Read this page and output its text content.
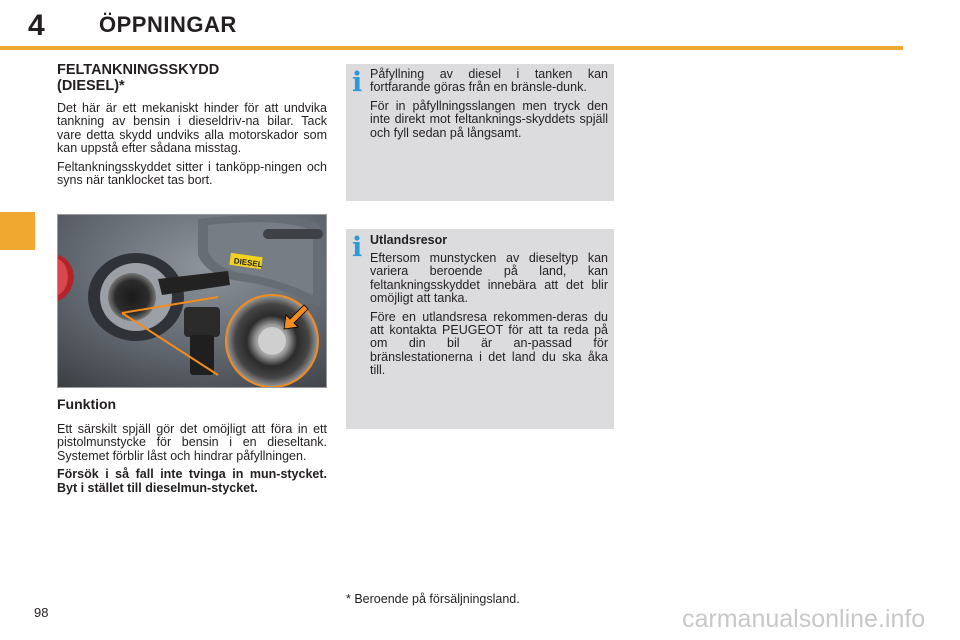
4 ÖPPNINGAR

FELTANKNINGSSKYDD

(DIESEL)*

Det här är ett mekaniskt hinder för att undvika tankning av bensin i dieseldriv-na bilar. Tack vare detta skydd undviks alla motorskador som kan uppstå efter sådana misstag.

Feltankningsskyddet sitter i tanköpp-ningen och syns när tanklocket tas bort.

DIESEL

Funktion

Ett särskilt spjäll gör det omöjligt att föra in ett pistolmunstycke för bensin i en dieseltank. Systemet förblir låst och hindrar påfyllningen.

Försök i så fall inte tvinga in mun-stycket. Byt i stället till dieselmun-stycket.

i Påfyllning av diesel i tanken kan fortfarande göras från en bränsle-dunk.

För in påfyllningsslangen men tryck den inte direkt mot feltanknings-skyddets spjäll och fyll sedan på långsamt.

i Utlandsresor

Eftersom munstycken av dieseltyp kan variera beroende på land, kan feltankningsskyddet innebära att det blir omöjligt att tanka.

Före en utlandsresa rekommen-deras du att kontakta PEUGEOT för att ta reda på om din bil är an-passad för bränslestationerna i det land du ska åka till.

* Beroende på försäljningsland.
98	carmanualsonline.info
